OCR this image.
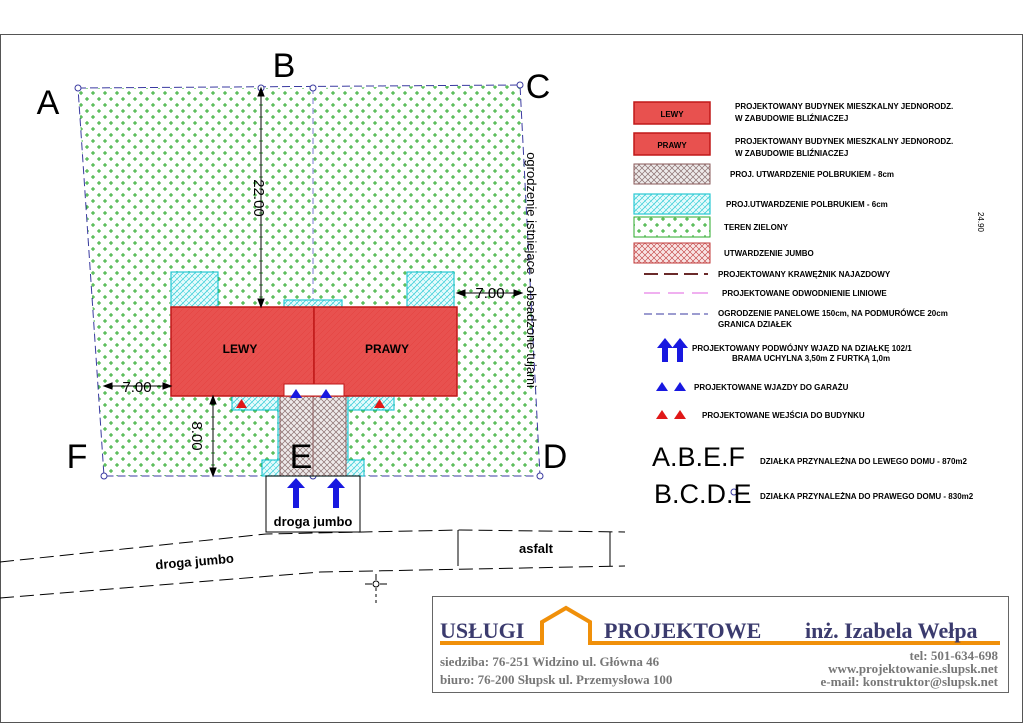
LEWY	PRAWY
22.00
7.00
7.00
8.00
24.90
ogrodzenie istniejące - obsadzone tujami
A
B
C
D
E
F
droga jumbo
droga jumbo
asfalt
LEWY
PROJEKTOWANY BUDYNEK MIESZKALNY JEDNORODZ.
W ZABUDOWIE BLIŹNIACZEJ
PRAWY	PROJEKTOWANY BUDYNEK MIESZKALNY JEDNORODZ.
W ZABUDOWIE BLIŹNIACZEJ
PROJ. UTWARDZENIE POLBRUKIEM - 8cm
PROJ.UTWARDZENIE POLBRUKIEM - 6cm
TEREN ZIELONY
UTWARDZENIE JUMBO
PROJEKTOWANY KRAWĘŻNIK NAJAZDOWY
PROJEKTOWANE ODWODNIENIE LINIOWE
OGRODZENIE PANELOWE 150cm, NA PODMURÓWCE 20cm
GRANICA DZIAŁEK
PROJEKTOWANY PODWÓJNY WJAZD NA DZIAŁKĘ 102/1
BRAMA UCHYLNA 3,50m Z FURTKĄ 1,0m
PROJEKTOWANE WJAZDY DO GARAŻU
PROJEKTOWANE WEJŚCIA DO BUDYNKU
A.B.E.F DZIAŁKA PRZYNALEŻNA DO LEWEGO DOMU - 870m2
B.C.D.E DZIAŁKA PRZYNALEŻNA DO PRAWEGO DOMU - 830m2
USŁUGI	PROJEKTOWE inż. Izabela Wełpa
siedziba: 76-251 Widzino ul. Główna 46
biuro: 76-200 Słupsk ul. Przemysłowa 100
tel: 501-634-698
www.projektowanie.slupsk.net
e-mail: konstruktor@slupsk.net
